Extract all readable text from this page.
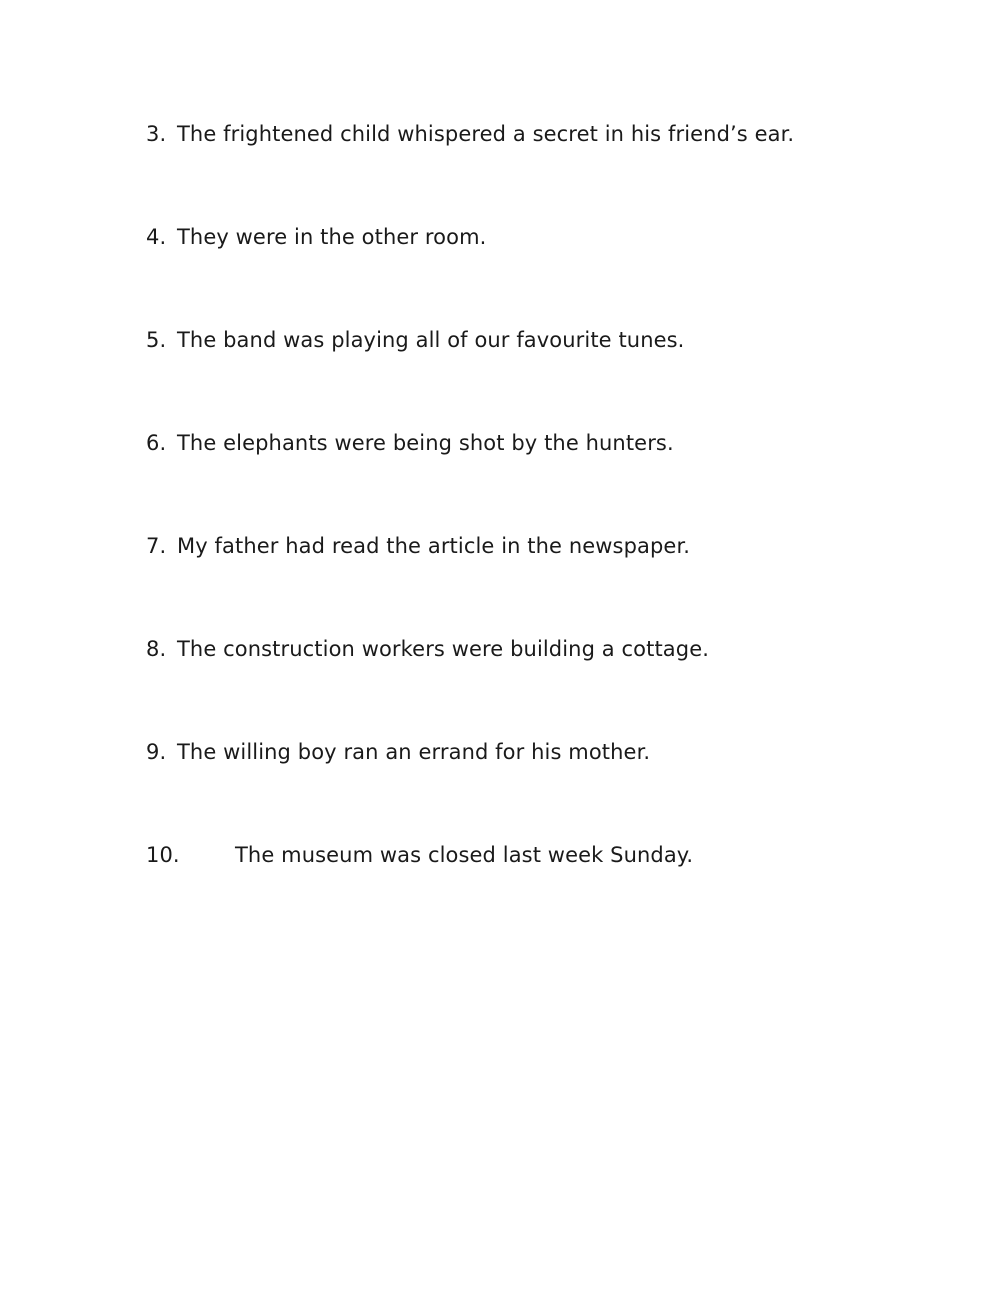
3. The frightened child whispered a secret in his friend’s ear.
4. They were in the other room.
5. The band was playing all of our favourite tunes.
6. The elephants were being shot by the hunters.
7. My father had read the article in the newspaper.
8. The construction workers were building a cottage.
9. The willing boy ran an errand for his mother.
10.	The museum was closed last week Sunday.
